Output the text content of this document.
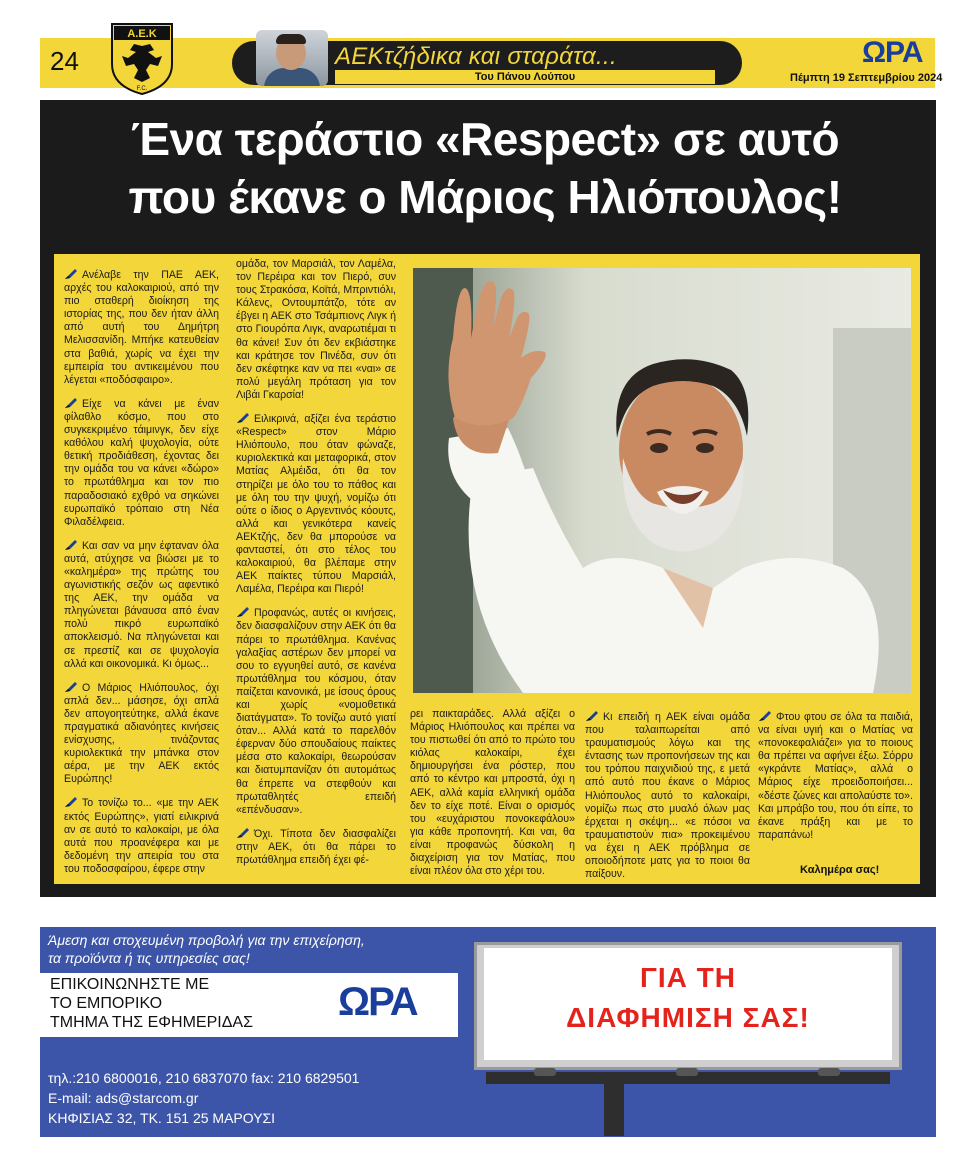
24
Α.Ε.Κ
F.C.
ΑΕΚτζήδικα και σταράτα...
Του Πάνου Λούπου
ΩΡΑ
Πέμπτη 19 Σεπτεμβρίου 2024
Ένα τεράστιο «Respect» σε αυτό
που έκανε ο Μάριος Ηλιόπουλος!

Ανέλαβε την ΠΑΕ ΑΕΚ, αρχές του καλοκαιριού, από την πιο σταθερή διοίκηση της ιστορίας της, που δεν ήταν άλλη από αυτή του Δημήτρη Μελισσανίδη. Μπήκε κατευθείαν στα βαθιά, χωρίς να έχει την εμπειρία του αντικειμένου που λέγεται «ποδόσφαιρο».

Είχε να κάνει με έναν φίλαθλο κόσμο, που στο συγκεκριμένο τάιμινγκ, δεν είχε καθόλου καλή ψυχολογία, ούτε θετική προδιάθεση, έχοντας δει την ομάδα του να κάνει «δώρο» το πρωτάθλημα και τον πιο παραδοσιακό εχθρό να σηκώνει ευρωπαϊκό τρόπαιο στη Νέα Φιλαδέλφεια.

Και σαν να μην έφταναν όλα αυτά, ατύχησε να βιώσει με το «καλημέρα» της πρώτης του αγωνιστικής σεζόν ως αφεντικό της ΑΕΚ, την ομάδα να πληγώνεται βάναυσα από έναν πολύ πικρό ευρωπαϊκό αποκλεισμό. Να πληγώνεται και σε πρεστίζ και σε ψυχολογία αλλά και οικονομικά. Κι όμως...

Ο Μάριος Ηλιόπουλος, όχι απλά δεν... μάσησε, όχι απλά δεν απογοητεύτηκε, αλλά έκανε πραγματικά αδιανόητες κινήσεις ενίσχυσης, τινάζοντας κυριολεκτικά την μπάνκα στον αέρα, με την ΑΕΚ εκτός Ευρώπης!

Το τονίζω το... «με την ΑΕΚ εκτός Ευρώπης», γιατί ειλικρινά αν σε αυτό το καλοκαίρι, με όλα αυτά που προανέφερα και με δεδομένη την απειρία του στα του ποδοσφαίρου, έφερε στην

ομάδα, τον Μαρσιάλ, τον Λαμέλα, τον Περέιρα και τον Πιερό, συν τους Στρακόσα, Κοϊτά, Μπριντιόλι, Κάλενς, Οντουμπάτζο, τότε αν έβγει η ΑΕΚ στο Τσάμπιονς Λιγκ ή στο Γιουρόπα Λιγκ, αναρωτιέμαι τι θα κάνει! Συν ότι δεν εκβιάστηκε και κράτησε τον Πινέδα, συν ότι δεν σκέφτηκε καν να πει «ναι» σε πολύ μεγάλη πρόταση για τον Λιβάι Γκαρσία!

Ειλικρινά, αξίζει ένα τεράστιο «Respect» στον Μάριο Ηλιόπουλο, που όταν φώναζε, κυριολεκτικά και μεταφορικά, στον Ματίας Αλμέιδα, ότι θα τον στηρίζει με όλο του το πάθος και με όλη του την ψυχή, νομίζω ότι ούτε ο ίδιος ο Αργεντινός κόουτς, αλλά και γενικότερα κανείς ΑΕΚτζής, δεν θα μπορούσε να φανταστεί, ότι στο τέλος του καλοκαιριού, θα βλέπαμε στην ΑΕΚ παίκτες τύπου Μαρσιάλ, Λαμέλα, Περέιρα και Πιερό!

Προφανώς, αυτές οι κινήσεις, δεν διασφαλίζουν στην ΑΕΚ ότι θα πάρει το πρωτάθλημα. Κανένας γαλαξίας αστέρων δεν μπορεί να σου το εγγυηθεί αυτό, σε κανένα πρωτάθλημα του κόσμου, όταν παίζεται κανονικά, με ίσους όρους και χωρίς «νομοθετικά διατάγματα». Το τονίζω αυτό γιατί όταν... Αλλά κατά το παρελθόν έφερναν δύο σπουδαίους παίκτες μέσα στο καλοκαίρι, θεωρούσαν και διατυμπανίζαν ότι αυτομάτως θα έπρεπε να στεφθούν και πρωταθλητές επειδή «επένδυσαν».

Όχι. Τίποτα δεν διασφαλίζει στην ΑΕΚ, ότι θα πάρει το πρωτάθλημα επειδή έχει φέ-

ρει παικταράδες. Αλλά αξίζει ο Μάριος Ηλιόπουλος και πρέπει να του πιστωθεί ότι από το πρώτο του κιόλας καλοκαίρι, έχει δημιουργήσει ένα ρόστερ, που από το κέντρο και μπροστά, όχι η ΑΕΚ, αλλά καμία ελληνική ομάδα δεν το είχε ποτέ. Είναι ο ορισμός του «ευχάριστου πονοκεφάλου» για κάθε προπονητή. Και ναι, θα είναι προφανώς δύσκολη η διαχείριση για τον Ματίας, που είναι πλέον όλα στο χέρι του.

Κι επειδή η ΑΕΚ είναι ομάδα που ταλαιπωρείται από τραυματισμούς λόγω και της έντασης των προπονήσεων της και του τρόπου παιχνιδιού της, ε μετά από αυτό που έκανε ο Μάριος Ηλιόπουλος αυτό το καλοκαίρι, νομίζω πως στο μυαλό όλων μας έρχεται η σκέψη... «ε πόσοι να τραυματιστούν πια» προκειμένου να έχει η ΑΕΚ πρόβλημα σε οποιοδήποτε ματς για το ποιοι θα παίξουν.

Φτου φτου σε όλα τα παιδιά, να είναι υγιή και ο Ματίας να «πονοκεφαλιάζει» για το ποιους θα πρέπει να αφήνει έξω. Σόρρυ «γκράντε Ματίας», αλλά ο Μάριος είχε προειδοποιήσει... «δέστε ζώνες και απολαύστε το». Και μπράβο του, που ότι είπε, το έκανε πράξη και με το παραπάνω!

Καλημέρα σας!
Άμεση και στοχευμένη προβολή για την επιχείρηση,
τα προϊόντα ή τις υπηρεσίες σας!
ΕΠΙΚΟΙΝΩΝΗΣΤΕ ΜΕ
ΤΟ ΕΜΠΟΡΙΚΟ
ΤΜΗΜΑ ΤΗΣ ΕΦΗΜΕΡΙΔΑΣ ΩΡΑ
τηλ.:210 6800016, 210 6837070 fax: 210 6829501
E-mail: ads@starcom.gr
ΚΗΦΙΣΙΑΣ 32, ΤΚ. 151 25 ΜΑΡΟΥΣΙ
ΓΙΑ ΤΗ
ΔΙΑΦΗΜΙΣΗ ΣΑΣ!
